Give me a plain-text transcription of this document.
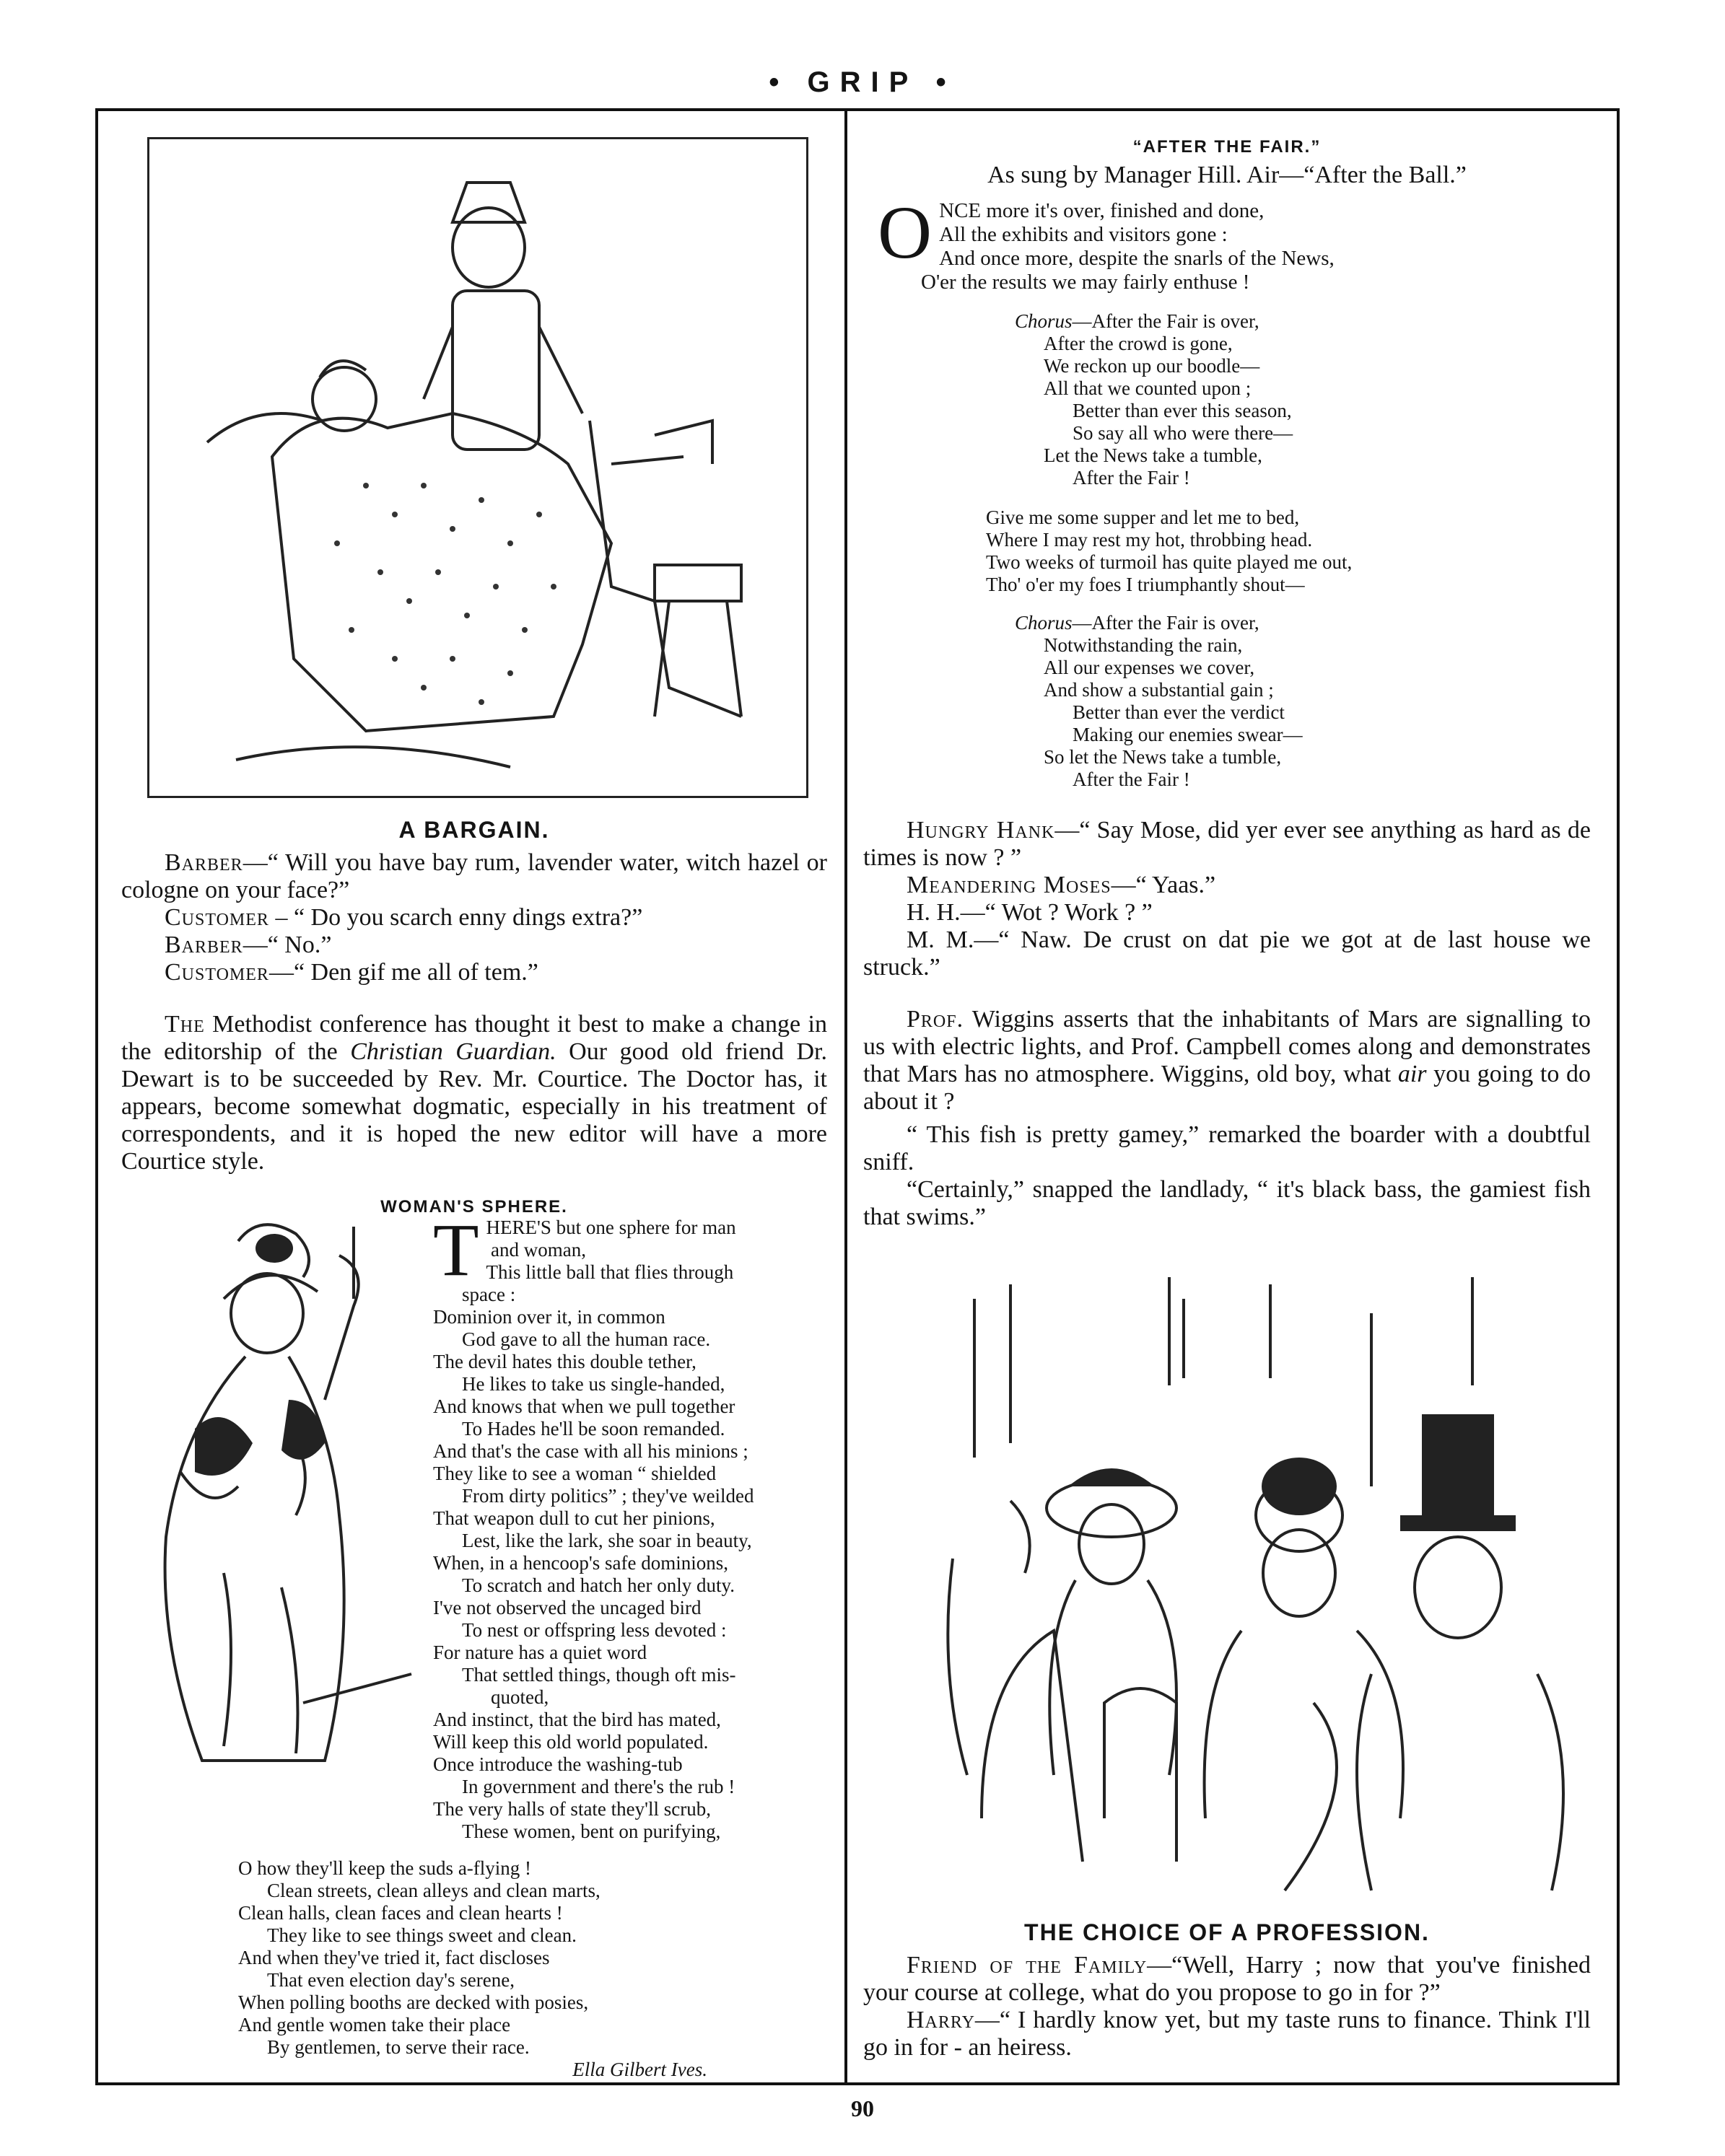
• GRIP •
A BARGAIN.

Barber—“ Will you have bay rum, lavender water, witch hazel or cologne on your face?”

Customer – “ Do you scarch enny dings extra?”

Barber—“ No.”

Customer—“ Den gif me all of tem.”

The Methodist conference has thought it best to make a change in the editorship of the Christian Guardian. Our good old friend Dr. Dewart is to be succeeded by Rev. Mr. Courtice. The Doctor has, it appears, become somewhat dogmatic, especially in his treatment of correspondents, and it is hoped the new editor will have a more Courtice style.

WOMAN'S SPHERE.
T HERE'S but one sphere for man
and woman,
This little ball that flies through
space :
Dominion over it, in common
God gave to all the human race.
The devil hates this double tether,
He likes to take us single-handed,
And knows that when we pull together
To Hades he'll be soon remanded.
And that's the case with all his minions ;
They like to see a woman “ shielded
From dirty politics” ; they've weilded
That weapon dull to cut her pinions,
Lest, like the lark, she soar in beauty,
When, in a hencoop's safe dominions,
To scratch and hatch her only duty.
I've not observed the uncaged bird
To nest or offspring less devoted :
For nature has a quiet word
That settled things, though oft mis-
quoted,
And instinct, that the bird has mated,
Will keep this old world populated.
Once introduce the washing-tub
In government and there's the rub !
The very halls of state they'll scrub,
These women, bent on purifying,
O how they'll keep the suds a-flying !
Clean streets, clean alleys and clean marts,
Clean halls, clean faces and clean hearts !
They like to see things sweet and clean.
And when they've tried it, fact discloses
That even election day's serene,
When polling booths are decked with posies,
And gentle women take their place
By gentlemen, to serve their race.
Ella Gilbert Ives.
“AFTER THE FAIR.”
As sung by Manager Hill. Air—“After the Ball.”
O NCE more it's over, finished and done,
All the exhibits and visitors gone :
And once more, despite the snarls of the News,
O'er the results we may fairly enthuse !
Chorus—After the Fair is over,
After the crowd is gone,
We reckon up our boodle—
All that we counted upon ;
Better than ever this season,
So say all who were there—
Let the News take a tumble,
After the Fair !
Give me some supper and let me to bed,
Where I may rest my hot, throbbing head.
Two weeks of turmoil has quite played me out,
Tho' o'er my foes I triumphantly shout—
Chorus—After the Fair is over,
Notwithstanding the rain,
All our expenses we cover,
And show a substantial gain ;
Better than ever the verdict
Making our enemies swear—
So let the News take a tumble,
After the Fair !

Hungry Hank—“ Say Mose, did yer ever see anything as hard as de times is now ? ”

Meandering Moses—“ Yaas.”

H. H.—“ Wot ? Work ? ”

M. M.—“ Naw. De crust on dat pie we got at de last house we struck.”

Prof. Wiggins asserts that the inhabitants of Mars are signalling to us with electric lights, and Prof. Campbell comes along and demonstrates that Mars has no atmosphere. Wiggins, old boy, what air you going to do about it ?

“ This fish is pretty gamey,” remarked the boarder with a doubtful sniff.

“Certainly,” snapped the landlady, “ it's black bass, the gamiest fish that swims.”

THE CHOICE OF A PROFESSION.

Friend of the Family—“Well, Harry ; now that you've finished your course at college, what do you propose to go in for ?”

Harry—“ I hardly know yet, but my taste runs to finance. Think I'll go in for - an heiress.

90
